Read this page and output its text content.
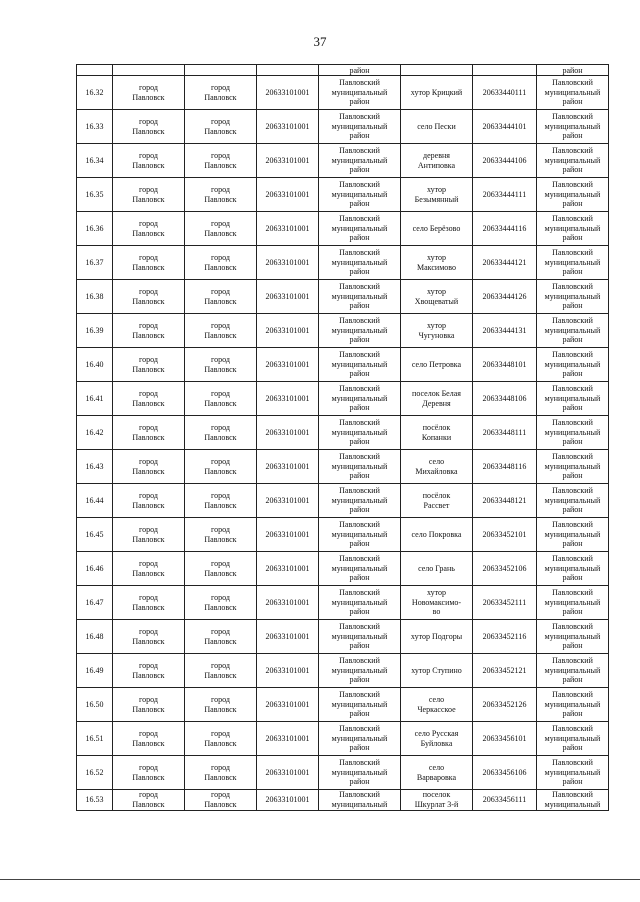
37
				район			район
16.32	город
Павловск	город
Павловск	20633101001	Павловский
муниципальный
район	хутор Крицкий	20633440111	Павловский
муниципальный
район

16.33	город
Павловск	город
Павловск	20633101001	Павловский
муниципальный
район	село Пески	20633444101	Павловский
муниципальный
район

16.34	город
Павловск	город
Павловск	20633101001	Павловский
муниципальный
район	деревня
Антиповка	20633444106	Павловский
муниципальный
район

16.35	город
Павловск	город
Павловск	20633101001	Павловский
муниципальный
район	хутор
Безымянный	20633444111	Павловский
муниципальный
район

16.36	город
Павловск	город
Павловск	20633101001	Павловский
муниципальный
район	село Берёзово	20633444116	Павловский
муниципальный
район

16.37	город
Павловск	город
Павловск	20633101001	Павловский
муниципальный
район	хутор
Максимово	20633444121	Павловский
муниципальный
район

16.38	город
Павловск	город
Павловск	20633101001	Павловский
муниципальный
район	хутор
Хвощеватый	20633444126	Павловский
муниципальный
район

16.39	город
Павловск	город
Павловск	20633101001	Павловский
муниципальный
район	хутор
Чугуновка	20633444131	Павловский
муниципальный
район

16.40	город
Павловск	город
Павловск	20633101001	Павловский
муниципальный
район	село Петровка	20633448101	Павловский
муниципальный
район

16.41	город
Павловск	город
Павловск	20633101001	Павловский
муниципальный
район	поселок Белая
Деревня	20633448106	Павловский
муниципальный
район

16.42	город
Павловск	город
Павловск	20633101001	Павловский
муниципальный
район	посёлок
Копанки	20633448111	Павловский
муниципальный
район

16.43	город
Павловск	город
Павловск	20633101001	Павловский
муниципальный
район	село
Михайловка	20633448116	Павловский
муниципальный
район

16.44	город
Павловск	город
Павловск	20633101001	Павловский
муниципальный
район	посёлок
Рассвет	20633448121	Павловский
муниципальный
район

16.45	город
Павловск	город
Павловск	20633101001	Павловский
муниципальный
район	село Покровка	20633452101	Павловский
муниципальный
район

16.46	город
Павловск	город
Павловск	20633101001	Павловский
муниципальный
район	село Грань	20633452106	Павловский
муниципальный
район

16.47	город
Павловск	город
Павловск	20633101001	Павловский
муниципальный
район	хутор
Новомаксимо-
во	20633452111	Павловский
муниципальный
район

16.48	город
Павловск	город
Павловск	20633101001	Павловский
муниципальный
район	хутор Подгоры	20633452116	Павловский
муниципальный
район

16.49	город
Павловск	город
Павловск	20633101001	Павловский
муниципальный
район	хутор Ступино	20633452121	Павловский
муниципальный
район

16.50	город
Павловск	город
Павловск	20633101001	Павловский
муниципальный
район	село
Черкасское	20633452126	Павловский
муниципальный
район

16.51	город
Павловск	город
Павловск	20633101001	Павловский
муниципальный
район	село Русская
Буйловка	20633456101	Павловский
муниципальный
район

16.52	город
Павловск	город
Павловск	20633101001	Павловский
муниципальный
район	село
Варваровка	20633456106	Павловский
муниципальный
район

16.53	город
Павловск	город
Павловск	20633101001	Павловский
муниципальный	поселок
Шкурлат 3-й	20633456111	Павловский
муниципальный
